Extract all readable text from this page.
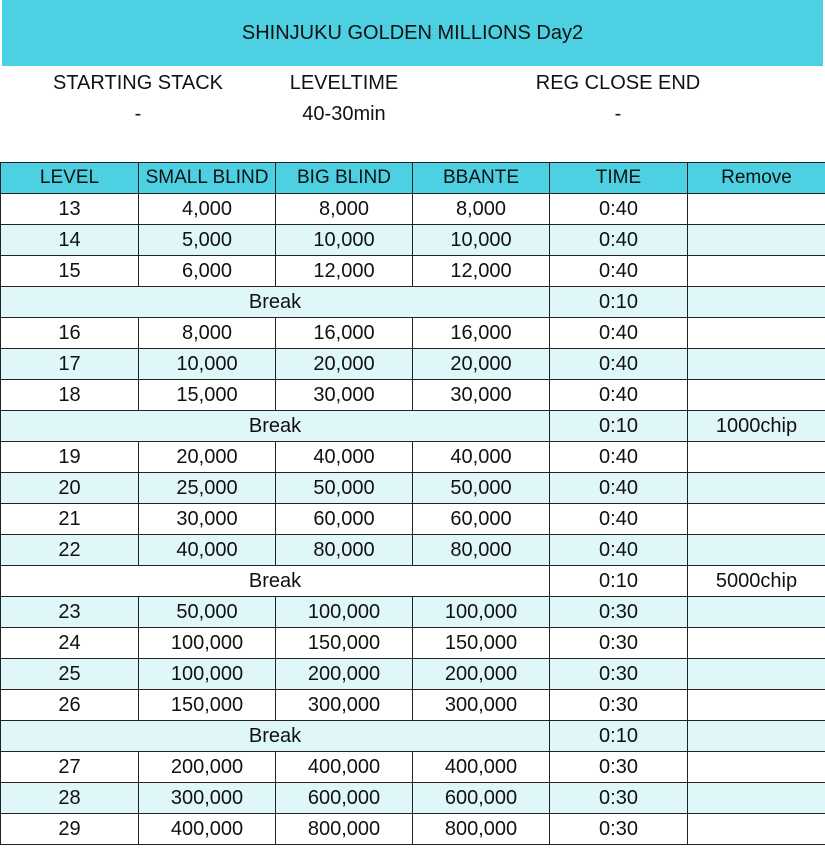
SHINJUKU GOLDEN MILLIONS Day2
STARTING STACK
-
LEVELTIME
40-30min
REG CLOSE END
-
LEVEL	SMALL BLIND	BIG BLIND	BBANTE	TIME	Remove
13	4,000	8,000	8,000	0:40	
14	5,000	10,000	10,000	0:40	
15	6,000	12,000	12,000	0:40	
Break				0:10	
16	8,000	16,000	16,000	0:40	
17	10,000	20,000	20,000	0:40	
18	15,000	30,000	30,000	0:40	
Break				0:10	1000chip
19	20,000	40,000	40,000	0:40	
20	25,000	50,000	50,000	0:40	
21	30,000	60,000	60,000	0:40	
22	40,000	80,000	80,000	0:40	
Break				0:10	5000chip
23	50,000	100,000	100,000	0:30	
24	100,000	150,000	150,000	0:30	
25	100,000	200,000	200,000	0:30	
26	150,000	300,000	300,000	0:30	
Break				0:10	
27	200,000	400,000	400,000	0:30	
28	300,000	600,000	600,000	0:30	
29	400,000	800,000	800,000	0:30	
